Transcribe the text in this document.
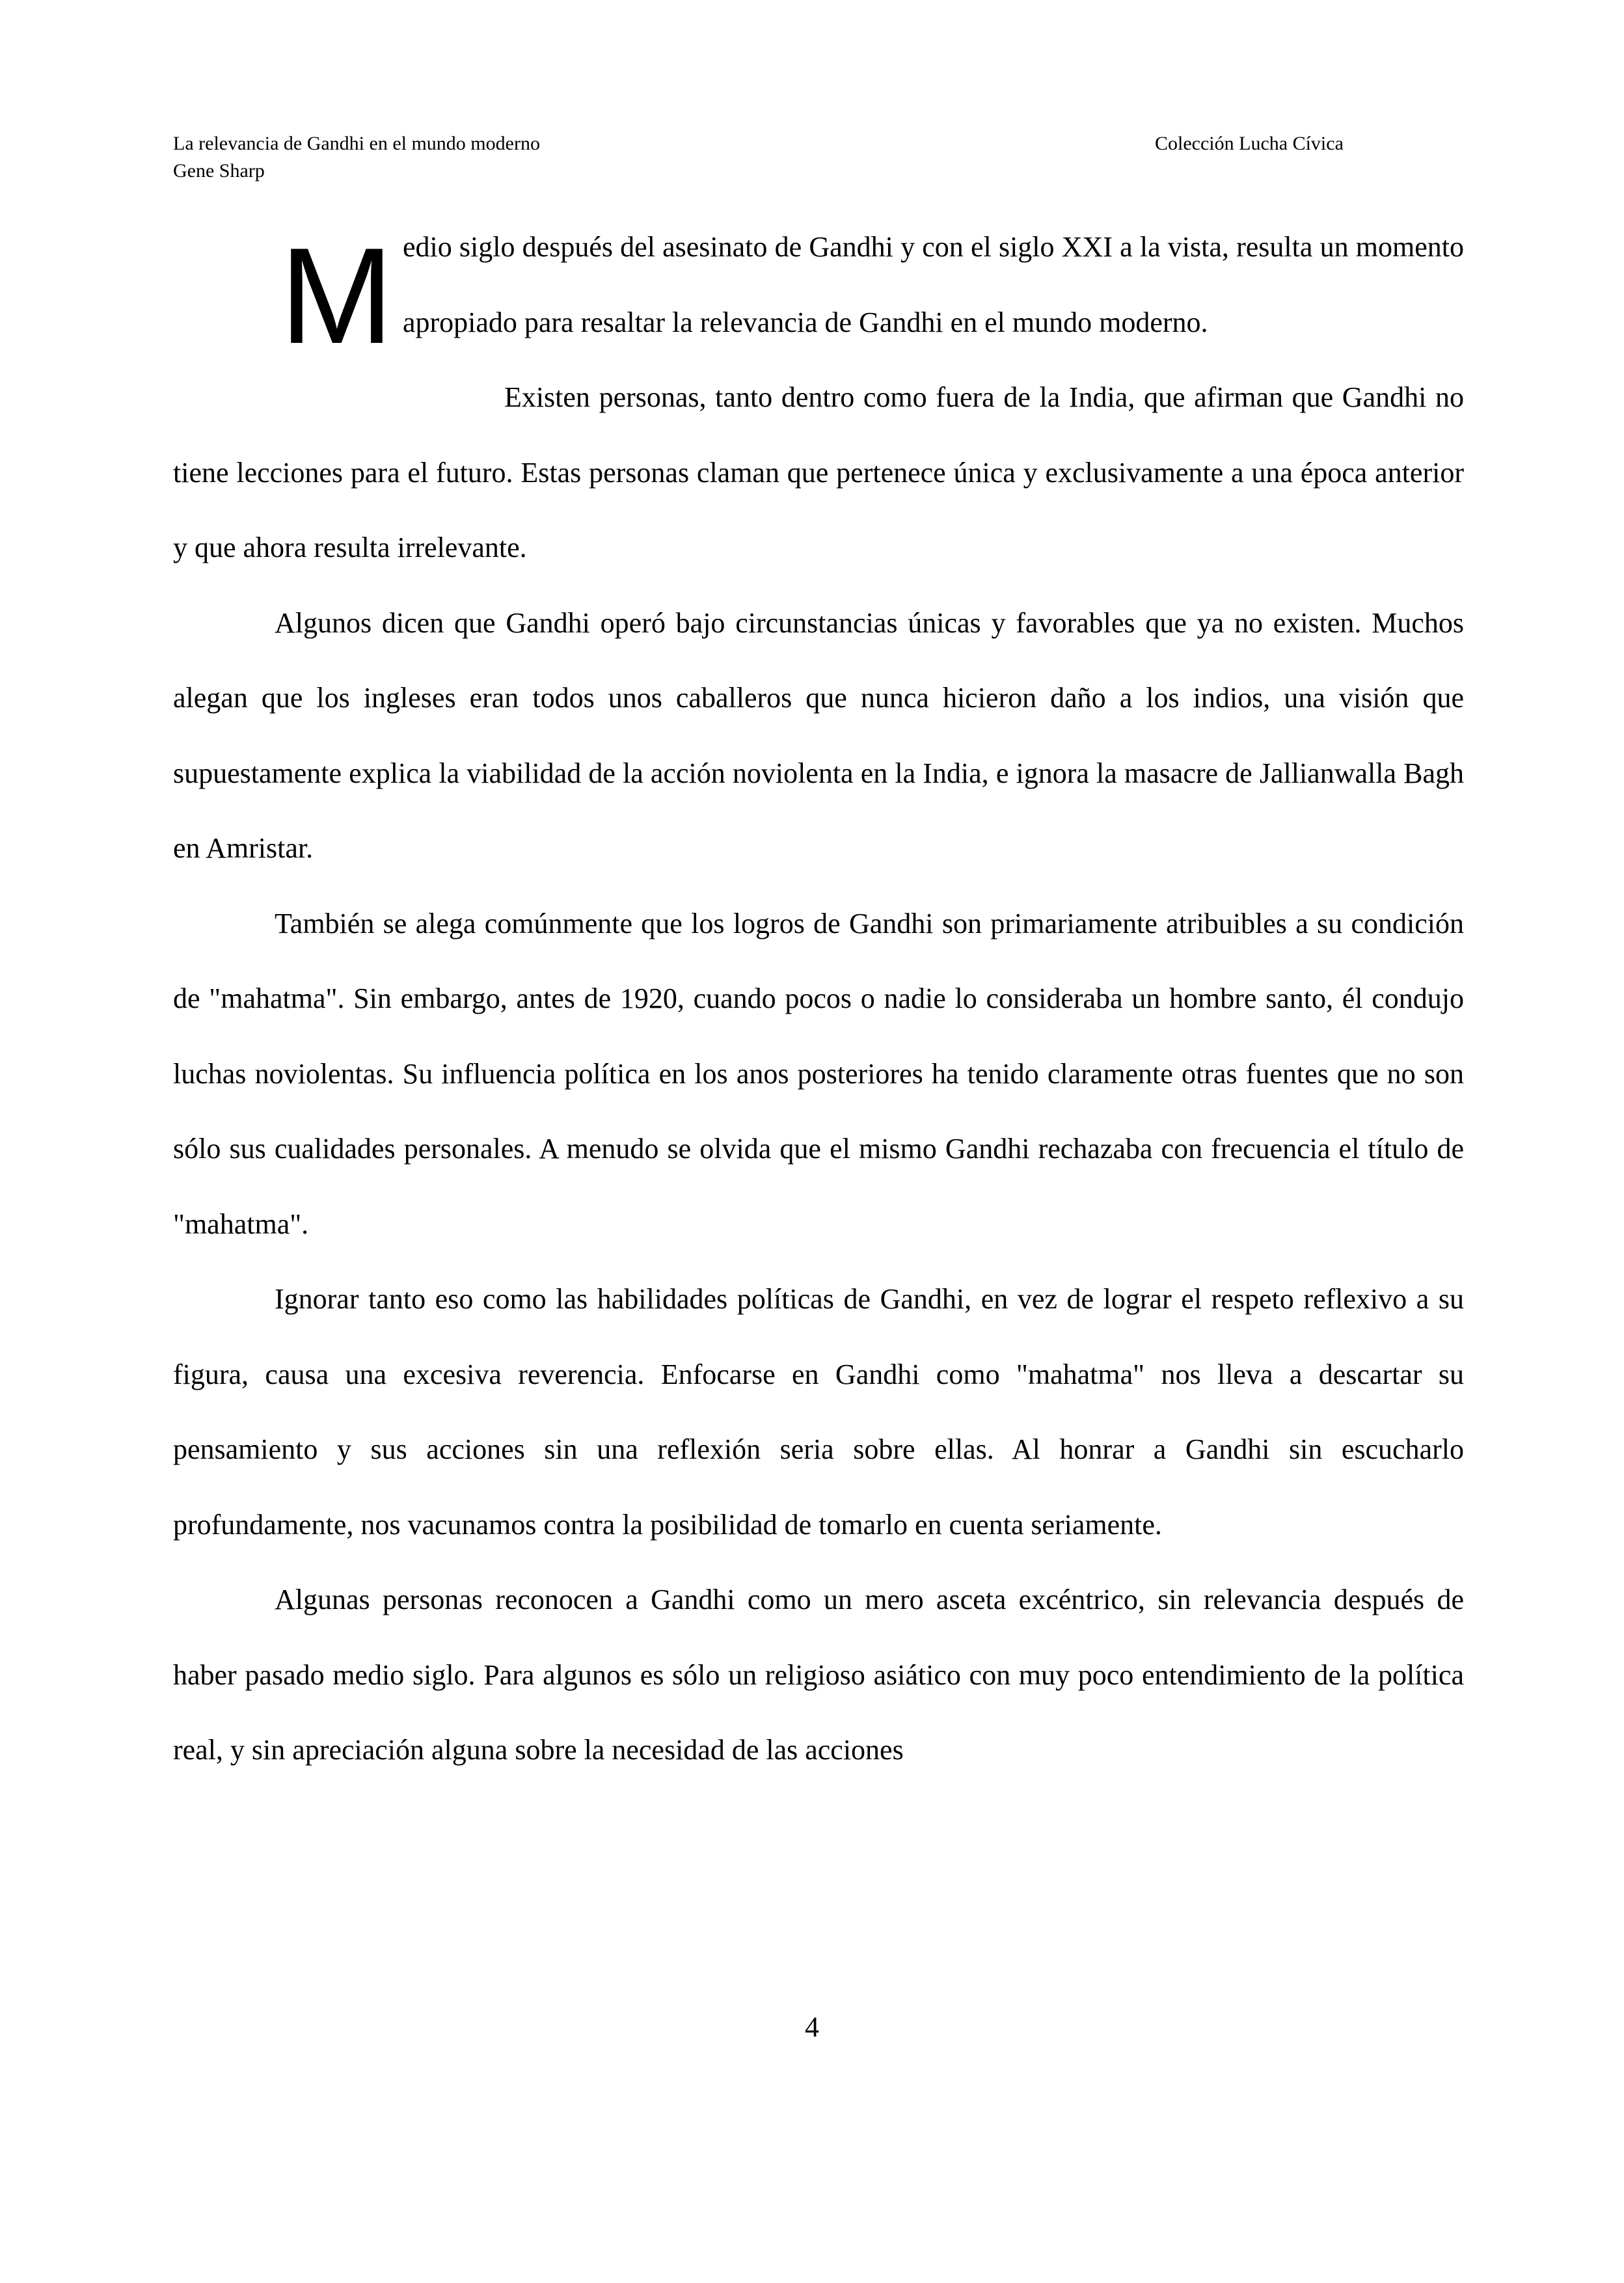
La relevancia de Gandhi en el mundo moderno	Colección Lucha Cívica
Gene Sharp

Medio siglo después del asesinato de Gandhi y con el siglo XXI a la vista, resulta un momento apropiado para resaltar la relevancia de Gandhi en el mundo moderno.

Existen personas, tanto dentro como fuera de la India, que afirman que Gandhi no tiene lecciones para el futuro. Estas personas claman que pertenece única y exclusivamente a una época anterior y que ahora resulta irrelevante.

Algunos dicen que Gandhi operó bajo circunstancias únicas y favorables que ya no existen. Muchos alegan que los ingleses eran todos unos caballeros que nunca hicieron daño a los indios, una visión que supuestamente explica la viabilidad de la acción noviolenta en la India, e ignora la masacre de Jallianwalla Bagh en Amristar.

También se alega comúnmente que los logros de Gandhi son primariamente atribuibles a su condición de "mahatma". Sin embargo, antes de 1920, cuando pocos o nadie lo consideraba un hombre santo, él condujo luchas noviolentas. Su influencia política en los anos posteriores ha tenido claramente otras fuentes que no son sólo sus cualidades personales. A menudo se olvida que el mismo Gandhi rechazaba con frecuencia el título de "mahatma".

Ignorar tanto eso como las habilidades políticas de Gandhi, en vez de lograr el respeto reflexivo a su figura, causa una excesiva reverencia. Enfocarse en Gandhi como "mahatma" nos lleva a descartar su pensamiento y sus acciones sin una reflexión seria sobre ellas. Al honrar a Gandhi sin escucharlo profundamente, nos vacunamos contra la posibilidad de tomarlo en cuenta seriamente.

Algunas personas reconocen a Gandhi como un mero asceta excéntrico, sin relevancia después de haber pasado medio siglo. Para algunos es sólo un religioso asiático con muy poco entendimiento de la política real, y sin apreciación alguna sobre la necesidad de las acciones

4
